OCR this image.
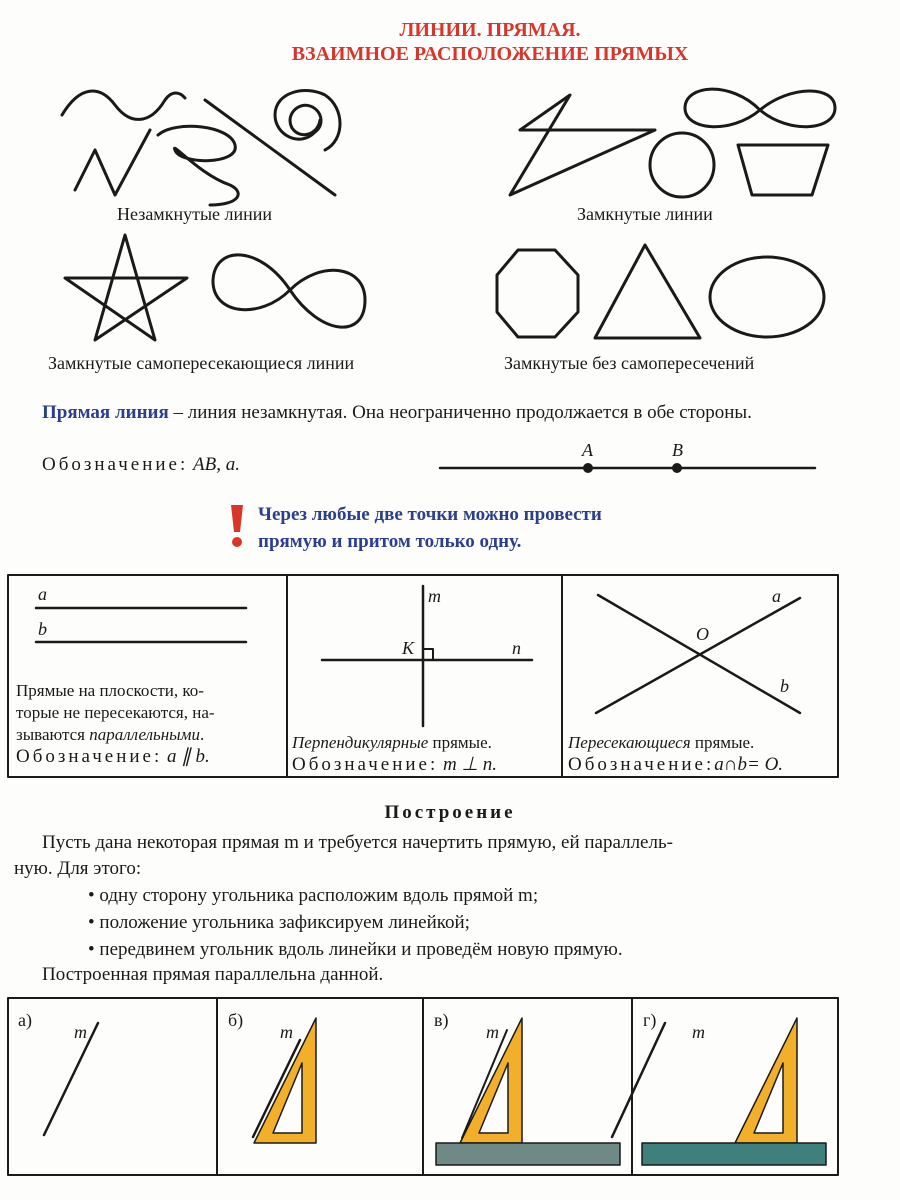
ЛИНИИ. ПРЯМАЯ.
ВЗАИМНОЕ РАСПОЛОЖЕНИЕ ПРЯМЫХ
Незамкнутые линии	Замкнутые линии
Замкнутые самопересекающиеся линии	Замкнутые без самопересечений
Прямая линия – линия незамкнутая. Она неограниченно продолжается в обе стороны.
Обозначение: AB, a.
A	B
Через любые две точки можно провести
прямую и притом только одну.
a
b
Прямые на плоскости, ко-
торые не пересекаются, на-
зываются параллельными.
Обозначение: a ∥ b.
m
n
K
Перпендикулярные прямые.
Обозначение: m ⊥ n.
a
b
O
Пересекающиеся прямые.
Обозначение:a∩b= O.
Построение
Пусть дана некоторая прямая m и требуется начертить прямую, ей параллель-
ную. Для этого:
• одну сторону угольника расположим вдоль прямой m;
• положение угольника зафиксируем линейкой;
• передвинем угольник вдоль линейки и проведём новую прямую.
Построенная прямая параллельна данной.
а)	б)	в)	г)
m	m	m	m
